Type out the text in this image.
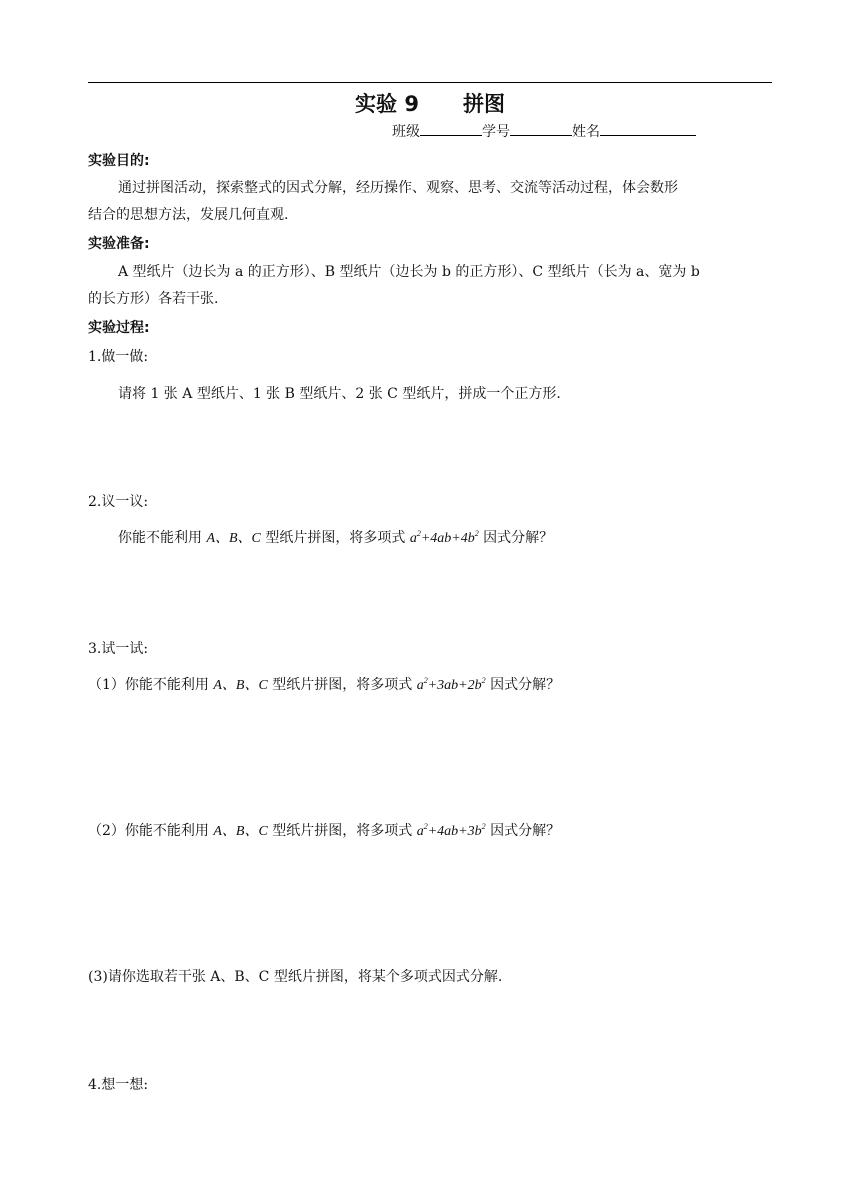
实验 9 拼图
班级	学号	姓名
实验目的:
通过拼图活动，探索整式的因式分解，经历操作、观察、思考、交流等活动过程，体会数形
结合的思想方法，发展几何直观.
实验准备:
A 型纸片（边长为 a 的正方形）、B 型纸片（边长为 b 的正方形）、C 型纸片（长为 a、宽为 b
的长方形）各若干张.
实验过程:
1.做一做:
请将 1 张 A 型纸片、1 张 B 型纸片、2 张 C 型纸片，拼成一个正方形.
2.议一议:
你能不能利用 A、B、C 型纸片拼图，将多项式 $a^2+4ab+4b^2$ 因式分解？
3.试一试:
（1）你能不能利用 A、B、C 型纸片拼图，将多项式 $a^2+3ab+2b^2$ 因式分解？
（2）你能不能利用 A、B、C 型纸片拼图，将多项式 $a^2+4ab+3b^2$ 因式分解？
(3)请你选取若干张 A、B、C 型纸片拼图，将某个多项式因式分解.
4.想一想:
